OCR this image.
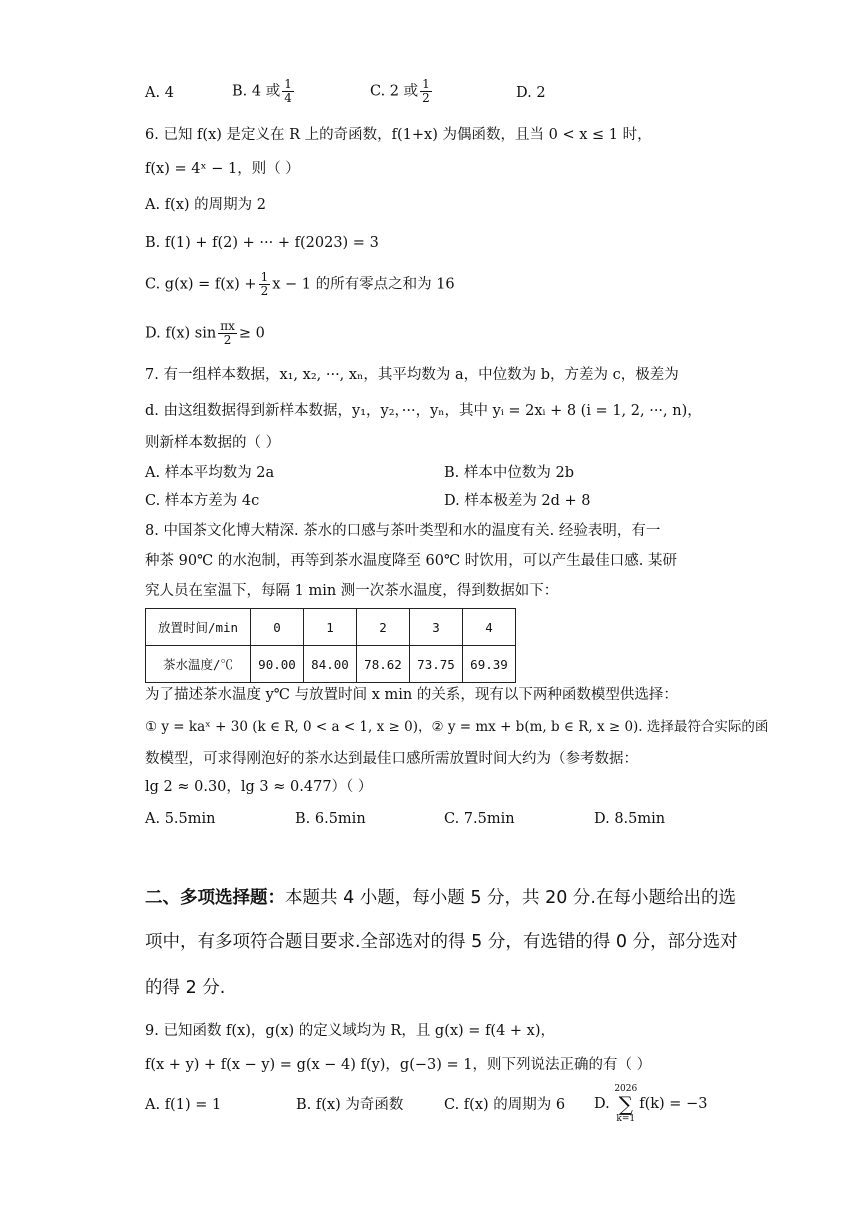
A. 4	B. 4 或 $\frac{1}{4}$	C. 2 或 $\frac{1}{2}$	D. 2
6. 已知 f(x) 是定义在 R 上的奇函数，f(1+x) 为偶函数，且当 0 < x ≤ 1 时，
f(x) = 4ˣ − 1，则（ ）
A. f(x) 的周期为 2
B. f(1) + f(2) + ··· + f(2023) = 3
C. $g(x) = f(x) + \frac{1}{2}$ x − 1 的所有零点之和为 16
D. f(x) $\sin \frac{\pi x}{2} \ge 0$
7. 有一组样本数据，x₁, x₂, ···, xₙ，其平均数为 a，中位数为 b，方差为 c，极差为
d. 由这组数据得到新样本数据，y₁，y₂，···，yₙ，其中 yᵢ = 2xᵢ + 8 (i = 1, 2, ···, n)，
则新样本数据的（ ）
A. 样本平均数为 2a	B. 样本中位数为 2b
C. 样本方差为 4c	D. 样本极差为 2d + 8
8. 中国茶文化博大精深. 茶水的口感与茶叶类型和水的温度有关. 经验表明，有一
种茶 90℃ 的水泡制，再等到茶水温度降至 60℃ 时饮用，可以产生最佳口感. 某研
究人员在室温下，每隔 1 min 测一次茶水温度，得到数据如下：
放置时间/min	0	1	2	3	4
茶水温度/℃	90.00	84.00	78.62	73.75	69.39
为了描述茶水温度 y℃ 与放置时间 x min 的关系，现有以下两种函数模型供选择：
① y = kaˣ + 30 (k ∈ R, 0 < a < 1, x ≥ 0)，② y = mx + b(m, b ∈ R, x ≥ 0). 选择最符合实际的函
数模型，可求得刚泡好的茶水达到最佳口感所需放置时间大约为（参考数据：
lg 2 ≈ 0.30，lg 3 ≈ 0.477）（ ）
A. 5.5min	B. 6.5min	C. 7.5min	D. 8.5min
二、多项选择题：本题共 4 小题，每小题 5 分，共 20 分.在每小题给出的选
项中，有多项符合题目要求.全部选对的得 5 分，有选错的得 0 分，部分选对
的得 2 分.
9. 已知函数 f(x)，g(x) 的定义域均为 R，且 g(x) = f(4 + x)，
f(x + y) + f(x − y) = g(x − 4) f(y)，g(−3) = 1，则下列说法正确的有（ ）
A. f(1) = 1	B. f(x) 为奇函数	C. f(x) 的周期为 6 D. 2026
∑
k=1f(k) = −3
